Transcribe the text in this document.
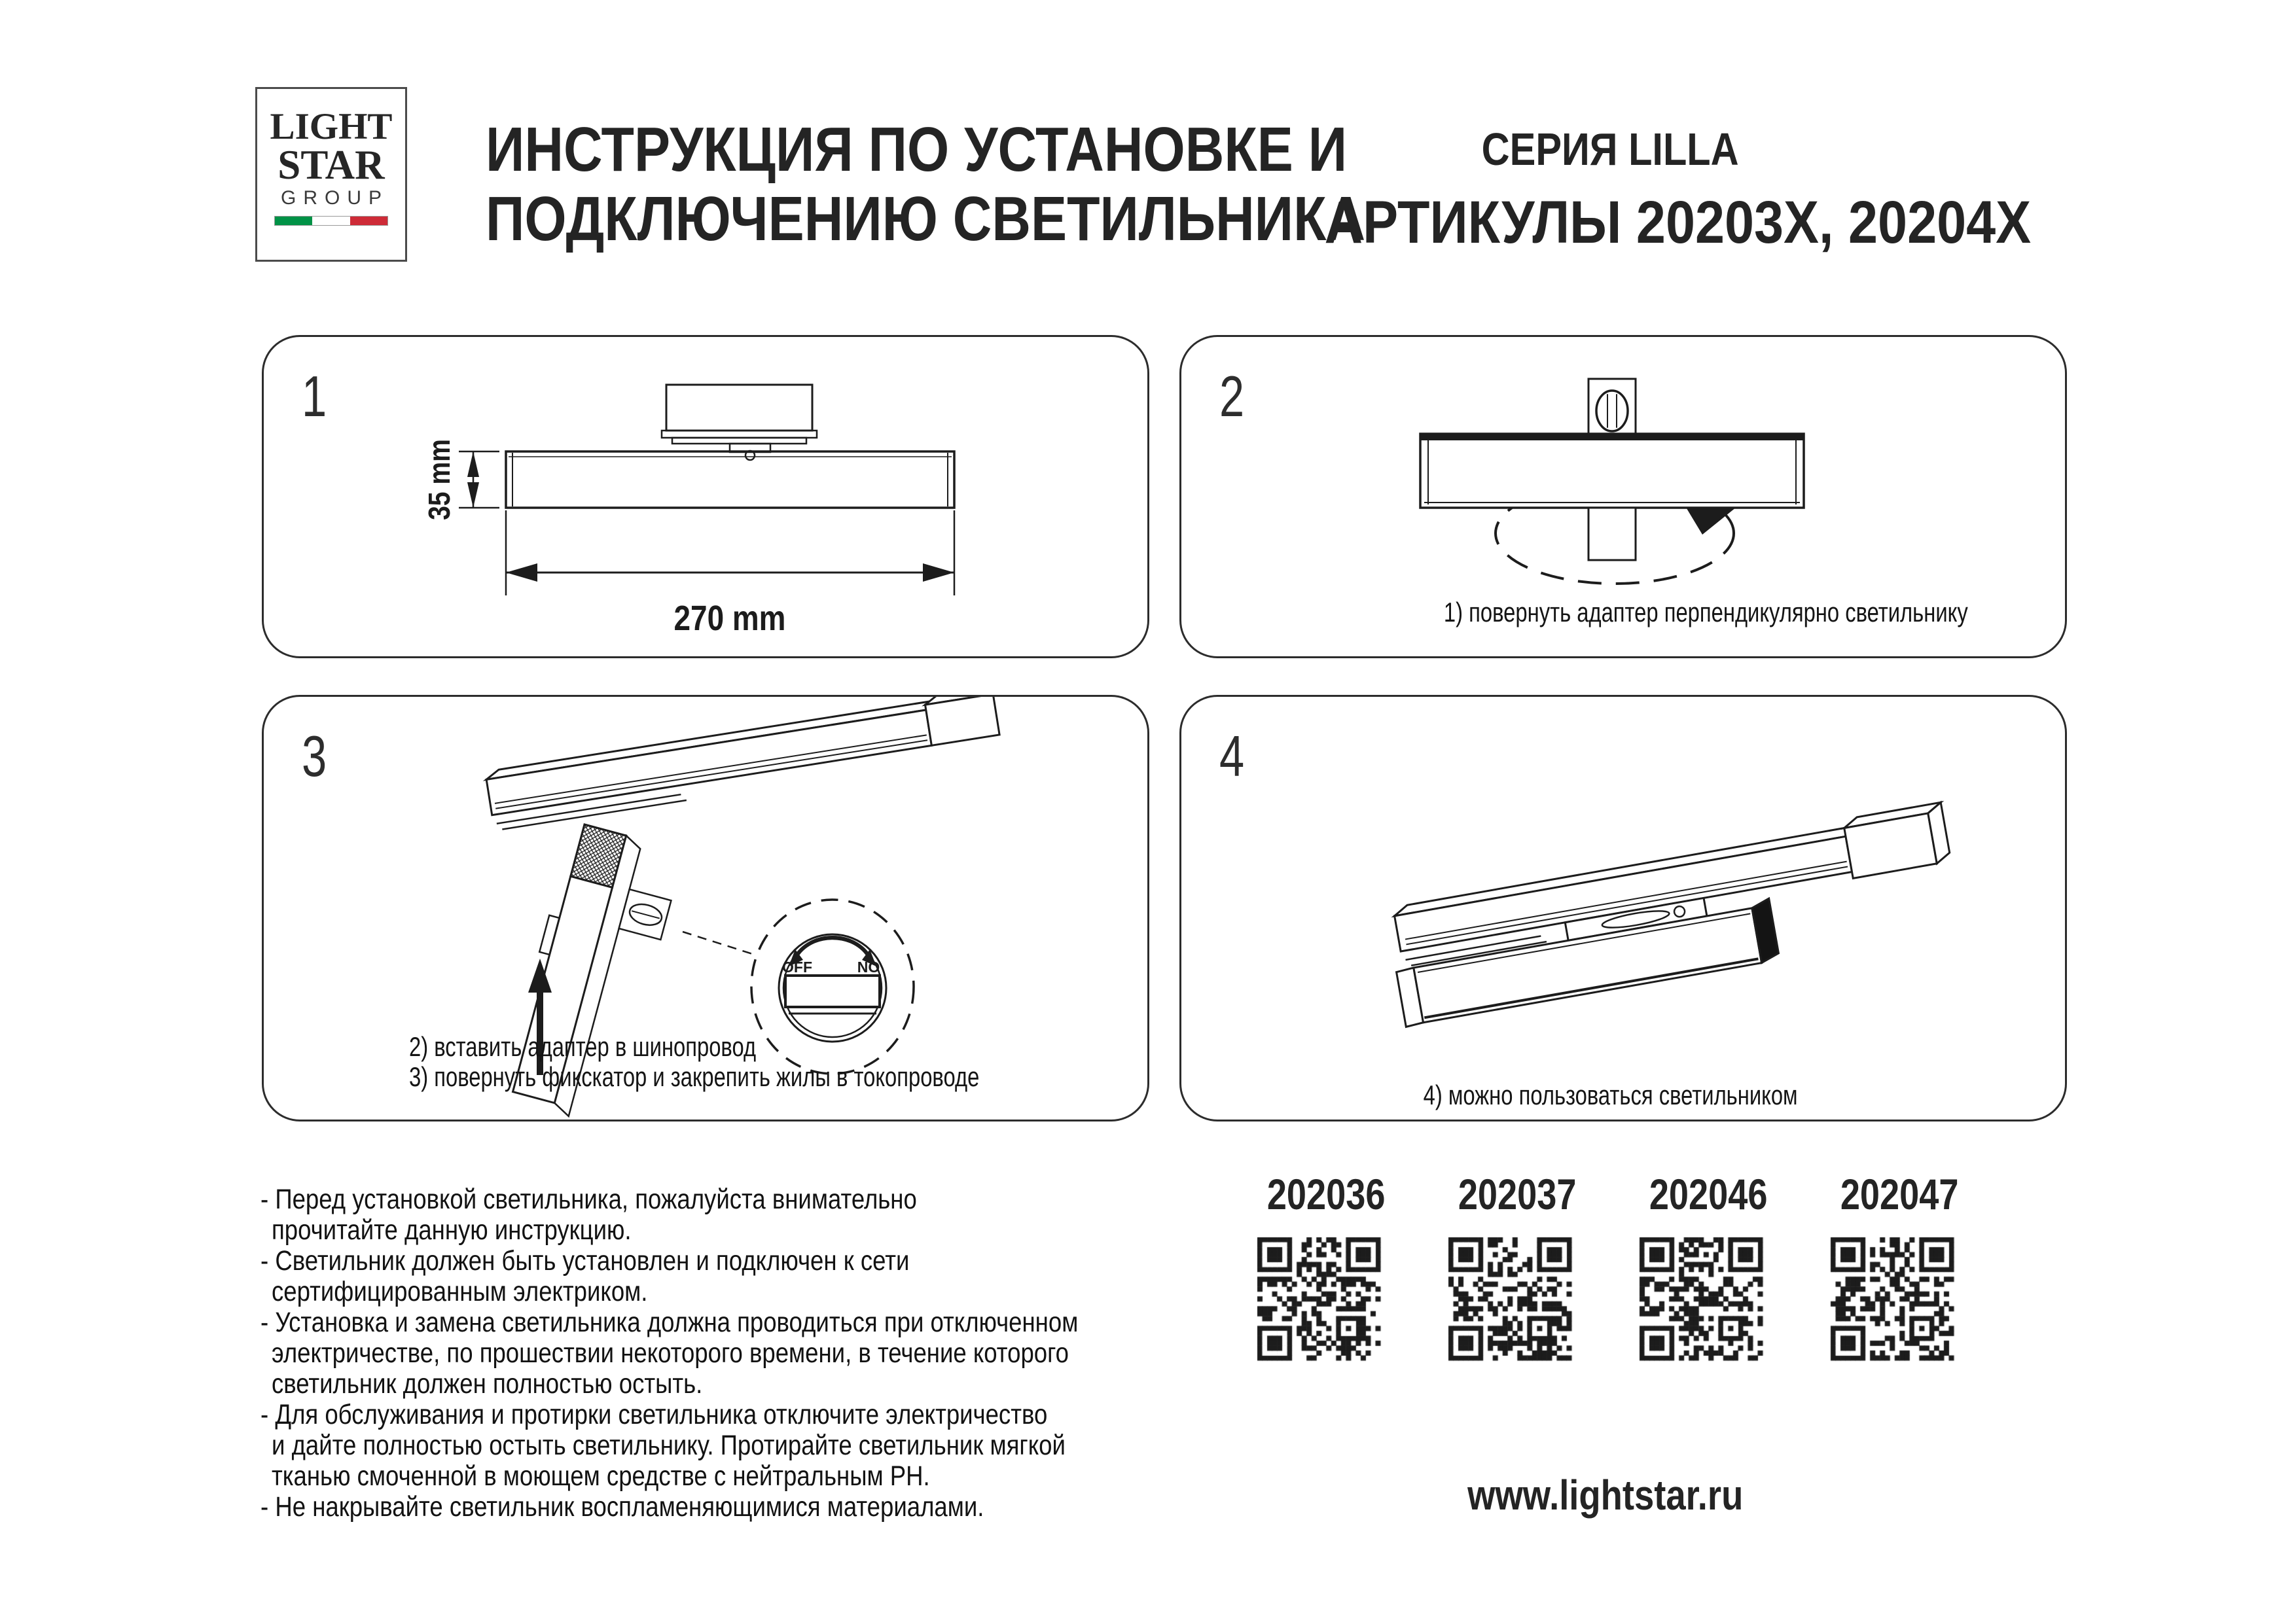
LIGHT
STAR
GROUP
ИНСТРУКЦИЯ ПО УСТАНОВКЕ И
ПОДКЛЮЧЕНИЮ СВЕТИЛЬНИКА
СЕРИЯ LILLA
АРТИКУЛЫ 20203X, 20204X
1
35 mm
270 mm
2
1) повернуть адаптер перпендикулярно светильнику
3
OFF	NO
2) вставить адаптер в шинопровод
3) повернуть фикскатор и закрепить жилы в токопроводе
4
4) можно пользоваться светильником
- Перед установкой светильника, пожалуйста внимательно
прочитайте данную инструкцию.
- Светильник должен быть установлен и подключен к сети
сертифицированным электриком.
- Установка и замена светильника должна проводиться при отключенном
электричестве, по прошествии некоторого времени, в течение которого
светильник должен полностью остыть.
- Для обслуживания и протирки светильника отключите электричество
и дайте полностью остыть светильнику. Протирайте светильник мягкой
тканью смоченной в моющем средстве с нейтральным PH.
- Не накрывайте светильник воспламеняющимися материалами.
202036	202037	202046	202047
www.lightstar.ru
